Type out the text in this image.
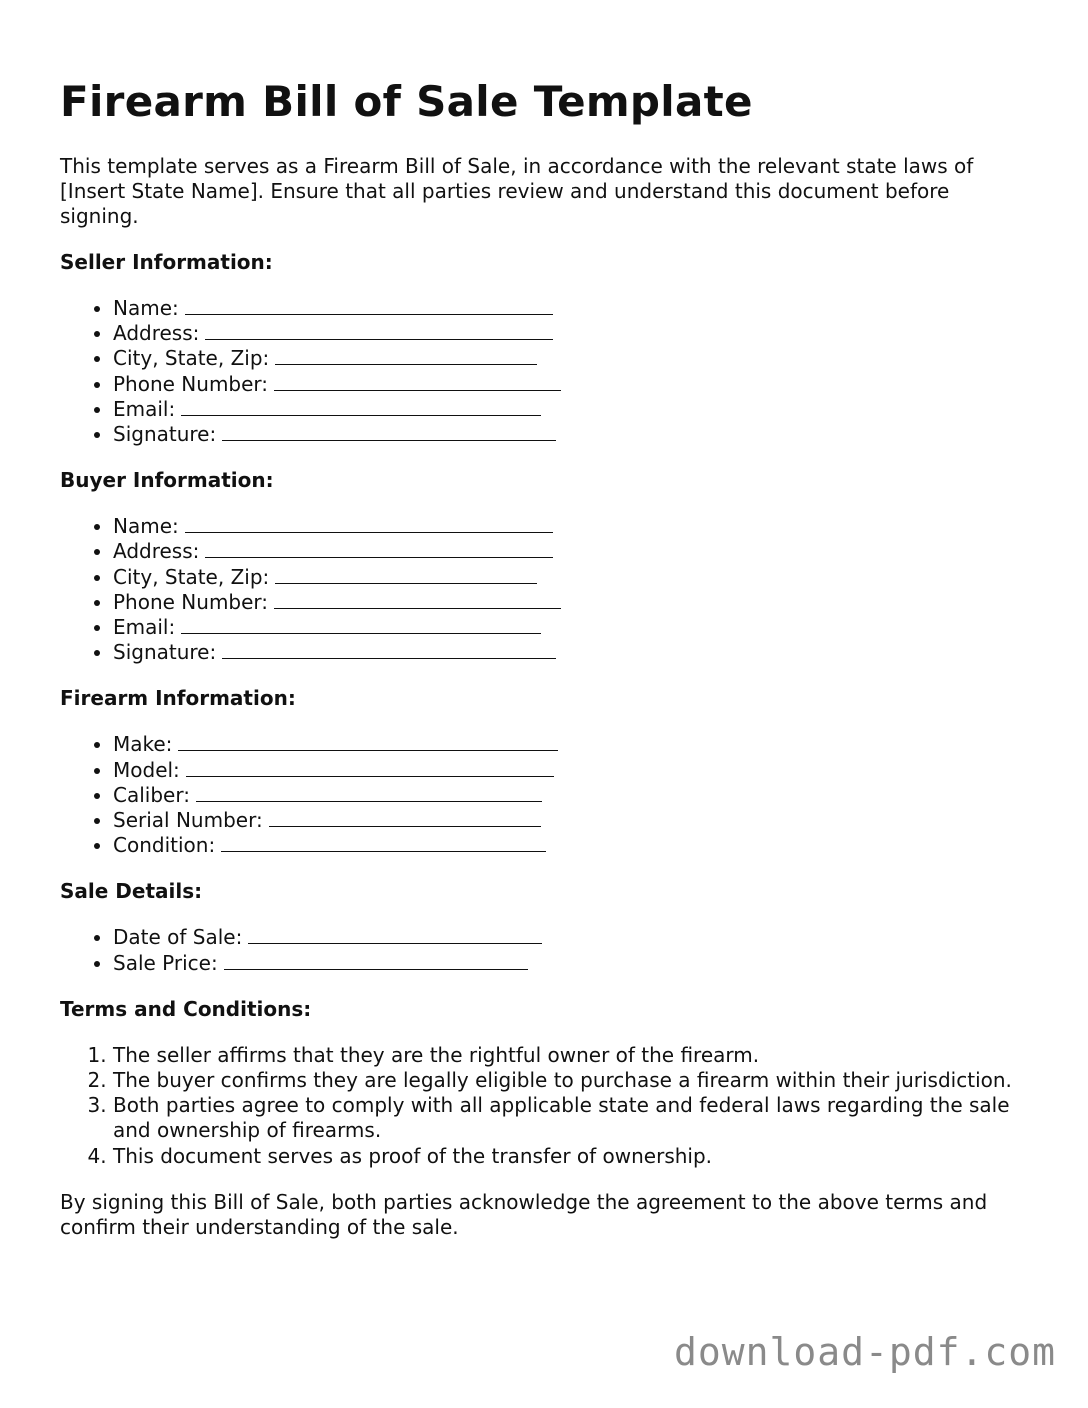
Firearm Bill of Sale Template

This template serves as a Firearm Bill of Sale, in accordance with the relevant state laws of [Insert State Name]. Ensure that all parties review and understand this document before signing.

Seller Information:
• Name:
• Address:
• City, State, Zip:
• Phone Number:
• Email:
• Signature:
Buyer Information:
• Name:
• Address:
• City, State, Zip:
• Phone Number:
• Email:
• Signature:
Firearm Information:
• Make:
• Model:
• Caliber:
• Serial Number:
• Condition:
Sale Details:
• Date of Sale:
• Sale Price:
Terms and Conditions:
1. The seller affirms that they are the rightful owner of the firearm.
2. The buyer confirms they are legally eligible to purchase a firearm within their jurisdiction.
3. Both parties agree to comply with all applicable state and federal laws regarding the sale and ownership of firearms.
4. This document serves as proof of the transfer of ownership.

By signing this Bill of Sale, both parties acknowledge the agreement to the above terms and confirm their understanding of the sale.

download-pdf.com
